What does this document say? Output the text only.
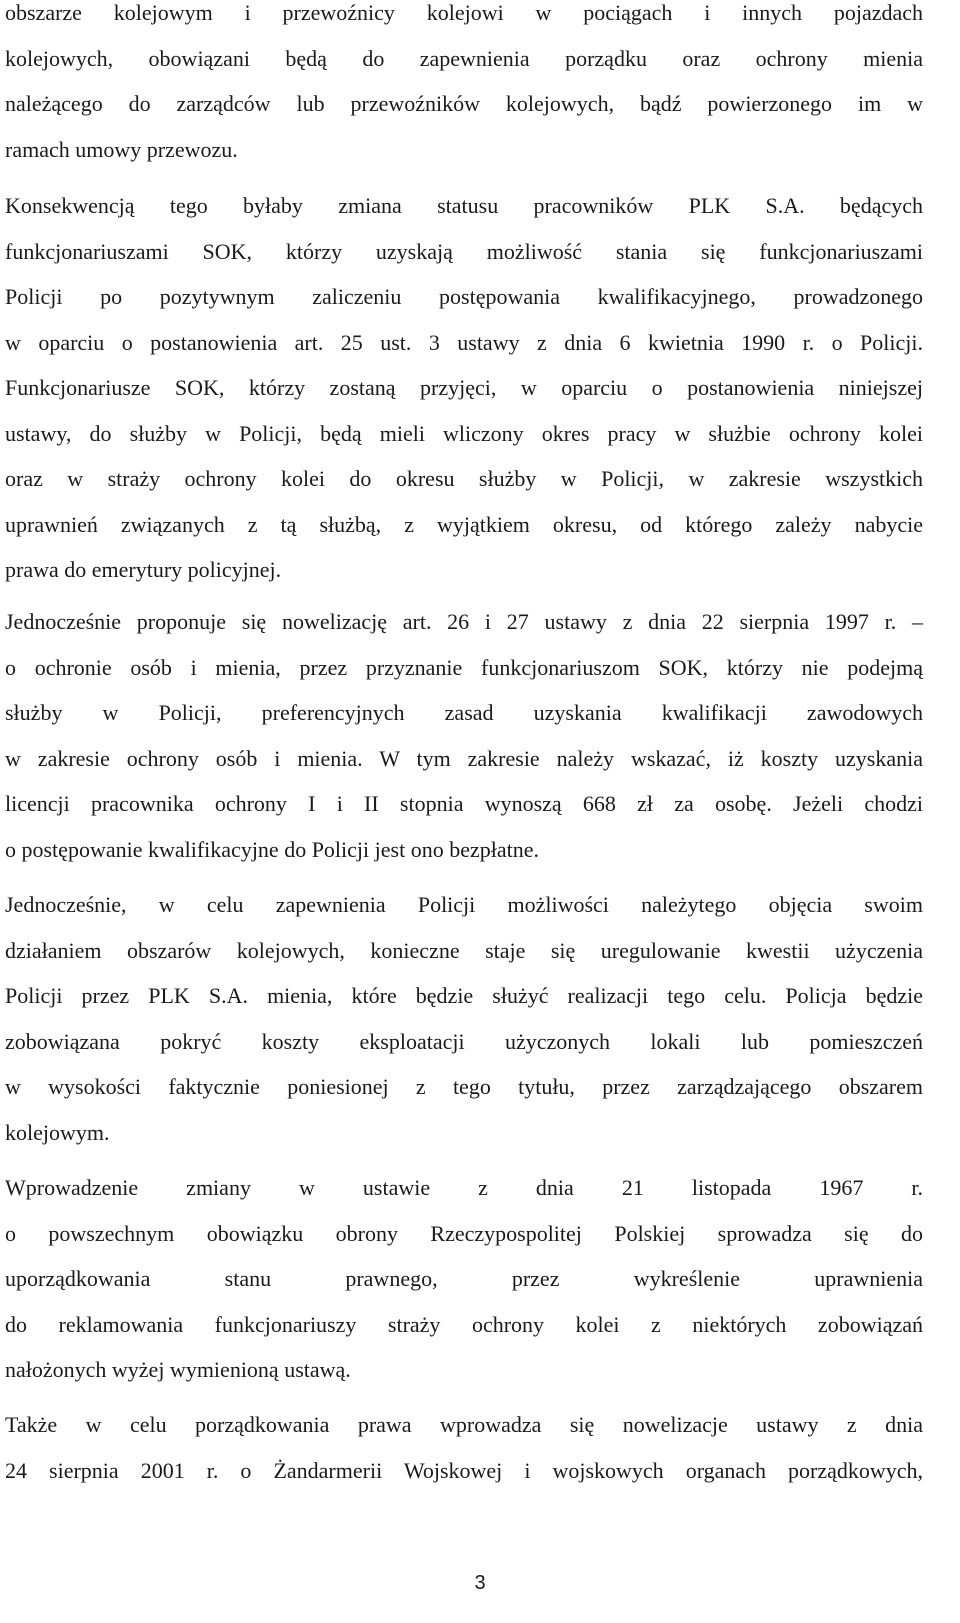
obszarze kolejowym i przewoźnicy kolejowi w pociągach i innych pojazdach
kolejowych, obowiązani będą do zapewnienia porządku oraz ochrony mienia
należącego do zarządców lub przewoźników kolejowych, bądź powierzonego im w
ramach umowy przewozu.
Konsekwencją tego byłaby zmiana statusu pracowników PLK S.A. będących
funkcjonariuszami SOK, którzy uzyskają możliwość stania się funkcjonariuszami
Policji po pozytywnym zaliczeniu postępowania kwalifikacyjnego, prowadzonego
w oparciu o postanowienia art. 25 ust. 3 ustawy z dnia 6 kwietnia 1990 r. o Policji.
Funkcjonariusze SOK, którzy zostaną przyjęci, w oparciu o postanowienia niniejszej
ustawy, do służby w Policji, będą mieli wliczony okres pracy w służbie ochrony kolei
oraz w straży ochrony kolei do okresu służby w Policji, w zakresie wszystkich
uprawnień związanych z tą służbą, z wyjątkiem okresu, od którego zależy nabycie
prawa do emerytury policyjnej.
Jednocześnie proponuje się nowelizację art. 26 i 27 ustawy z dnia 22 sierpnia 1997 r. –
o ochronie osób i mienia, przez przyznanie funkcjonariuszom SOK, którzy nie podejmą
służby w Policji, preferencyjnych zasad uzyskania kwalifikacji zawodowych
w zakresie ochrony osób i mienia. W tym zakresie należy wskazać, iż koszty uzyskania
licencji pracownika ochrony I i II stopnia wynoszą 668 zł za osobę. Jeżeli chodzi
o postępowanie kwalifikacyjne do Policji jest ono bezpłatne.
Jednocześnie, w celu zapewnienia Policji możliwości należytego objęcia swoim
działaniem obszarów kolejowych, konieczne staje się uregulowanie kwestii użyczenia
Policji przez PLK S.A. mienia, które będzie służyć realizacji tego celu. Policja będzie
zobowiązana pokryć koszty eksploatacji użyczonych lokali lub pomieszczeń
w wysokości faktycznie poniesionej z tego tytułu, przez zarządzającego obszarem
kolejowym.
Wprowadzenie zmiany w ustawie z dnia 21 listopada 1967 r.
o powszechnym obowiązku obrony Rzeczypospolitej Polskiej sprowadza się do
uporządkowania stanu prawnego, przez wykreślenie uprawnienia
do reklamowania funkcjonariuszy straży ochrony kolei z niektórych zobowiązań
nałożonych wyżej wymienioną ustawą.
Także w celu porządkowania prawa wprowadza się nowelizacje ustawy z dnia
24 sierpnia 2001 r. o Żandarmerii Wojskowej i wojskowych organach porządkowych,
3
